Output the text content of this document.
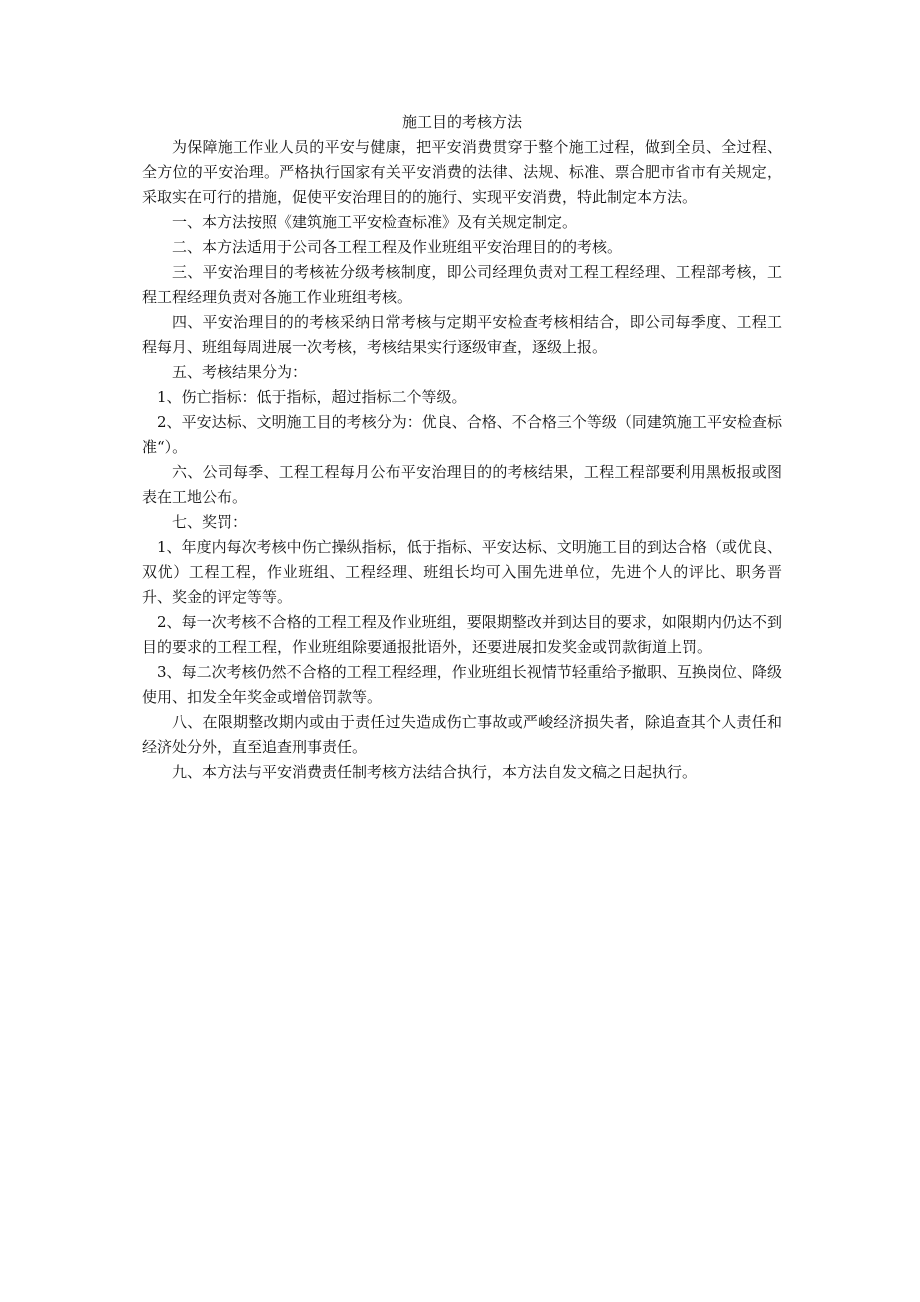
施工目的考核方法

为保障施工作业人员的平安与健康，把平安消费贯穿于整个施工过程，做到全员、全过程、全方位的平安治理。严格执行国家有关平安消费的法律、法规、标准、票合肥市省市有关规定，采取实在可行的措施，促使平安治理目的的施行、实现平安消费，特此制定本方法。

一、本方法按照《建筑施工平安检查标准》及有关规定制定。

二、本方法适用于公司各工程工程及作业班组平安治理目的的考核。

三、平安治理目的考核袏分级考核制度，即公司经理负责对工程工程经理、工程部考核，工程工程经理负责对各施工作业班组考核。

四、平安治理目的的考核采纳日常考核与定期平安检查考核相结合，即公司每季度、工程工程每月、班组每周进展一次考核，考核结果实行逐级审查，逐级上报。

五、考核结果分为：

1、伤亡指标：低于指标，超过指标二个等级。

2、平安达标、文明施工目的考核分为：优良、合格、不合格三个等级（同建筑施工平安检查标准“）。

六、公司每季、工程工程每月公布平安治理目的的考核结果，工程工程部要利用黑板报或图表在工地公布。

七、奖罚：

1、年度内每次考核中伤亡操纵指标，低于指标、平安达标、文明施工目的到达合格（或优良、双优）工程工程，作业班组、工程经理、班组长均可入围先进单位，先进个人的评比、职务晋升、奖金的评定等等。

2、每一次考核不合格的工程工程及作业班组，要限期整改并到达目的要求，如限期内仍达不到目的要求的工程工程，作业班组除要通报批语外，还要进展扣发奖金或罚款街道上罚。

3、每二次考核仍然不合格的工程工程经理，作业班组长视情节轻重给予撤职、互换岗位、降级使用、扣发全年奖金或增倍罚款等。

八、在限期整改期内或由于责任过失造成伤亡事故或严峻经济损失者，除追查其个人责任和经济处分外，直至追查刑事责任。

九、本方法与平安消费责任制考核方法结合执行，本方法自发文稿之日起执行。
